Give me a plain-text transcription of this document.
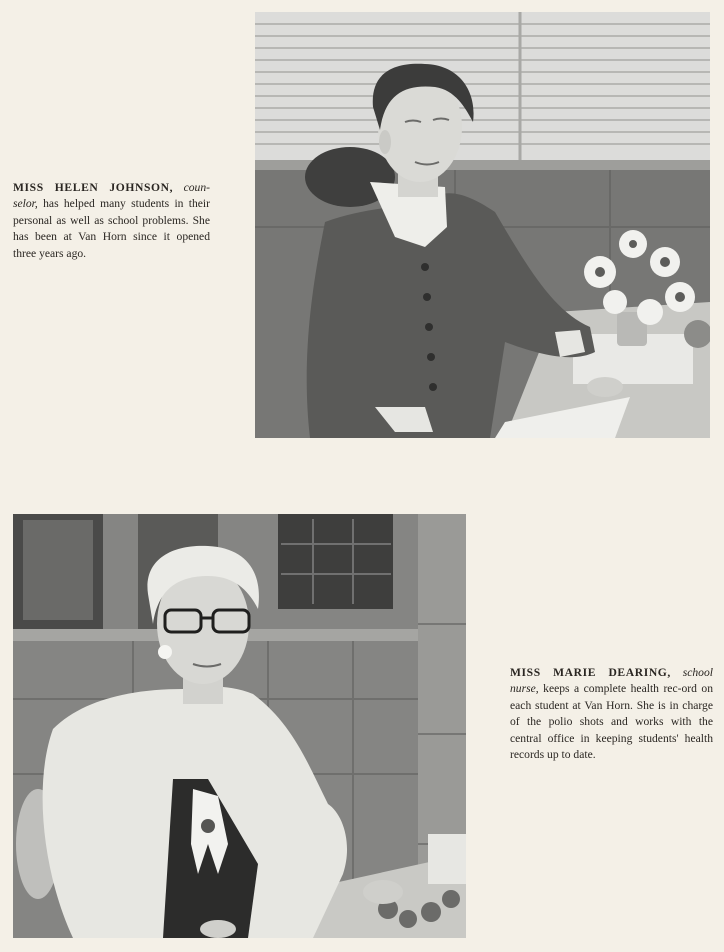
MISS HELEN JOHNSON, coun-selor, has helped many students in their personal as well as school problems. She has been at Van Horn since it opened three years ago.
MISS MARIE DEARING, school nurse, keeps a complete health rec-ord on each student at Van Horn. She is in charge of the polio shots and works with the central office in keeping students' health records up to date.
